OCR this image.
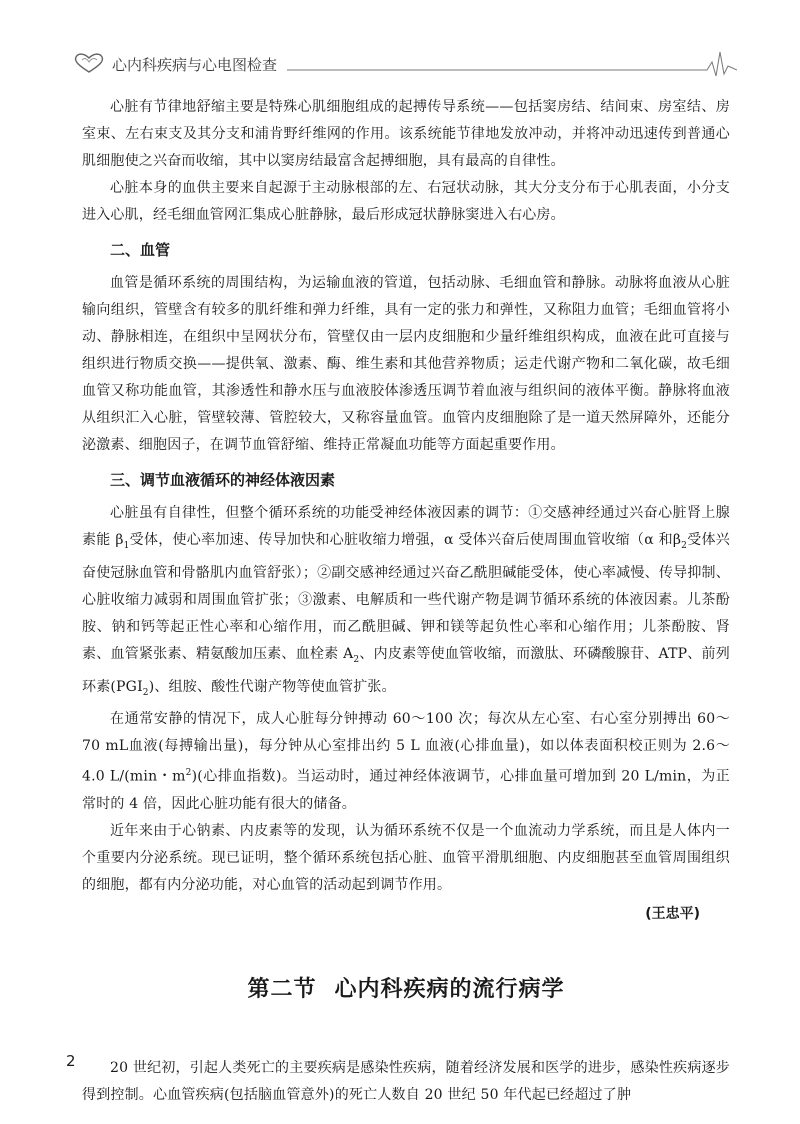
心内科疾病与心电图检查

心脏有节律地舒缩主要是特殊心肌细胞组成的起搏传导系统——包括窦房结、结间束、房室结、房室束、左右束支及其分支和浦肯野纤维网的作用。该系统能节律地发放冲动，并将冲动迅速传到普通心肌细胞使之兴奋而收缩，其中以窦房结最富含起搏细胞，具有最高的自律性。

心脏本身的血供主要来自起源于主动脉根部的左、右冠状动脉，其大分支分布于心肌表面，小分支进入心肌，经毛细血管网汇集成心脏静脉，最后形成冠状静脉窦进入右心房。

二、血管

血管是循环系统的周围结构，为运输血液的管道，包括动脉、毛细血管和静脉。动脉将血液从心脏输向组织，管壁含有较多的肌纤维和弹力纤维，具有一定的张力和弹性，又称阻力血管；毛细血管将小动、静脉相连，在组织中呈网状分布，管壁仅由一层内皮细胞和少量纤维组织构成，血液在此可直接与组织进行物质交换——提供氧、激素、酶、维生素和其他营养物质；运走代谢产物和二氧化碳，故毛细血管又称功能血管，其渗透性和静水压与血液胶体渗透压调节着血液与组织间的液体平衡。静脉将血液从组织汇入心脏，管壁较薄、管腔较大，又称容量血管。血管内皮细胞除了是一道天然屏障外，还能分泌激素、细胞因子，在调节血管舒缩、维持正常凝血功能等方面起重要作用。

三、调节血液循环的神经体液因素

心脏虽有自律性，但整个循环系统的功能受神经体液因素的调节：①交感神经通过兴奋心脏肾上腺素能 $\beta_1$受体，使心率加速、传导加快和心脏收缩力增强，α 受体兴奋后使周围血管收缩（α 和$\beta_2$受体兴奋使冠脉血管和骨骼肌内血管舒张）；②副交感神经通过兴奋乙酰胆碱能受体，使心率减慢、传导抑制、心脏收缩力减弱和周围血管扩张；③激素、电解质和一些代谢产物是调节循环系统的体液因素。儿茶酚胺、钠和钙等起正性心率和心缩作用，而乙酰胆碱、钾和镁等起负性心率和心缩作用；儿茶酚胺、肾素、血管紧张素、精氨酸加压素、血栓素 $A_2$、内皮素等使血管收缩，而激肽、环磷酸腺苷、ATP、前列环素$(PGI_2)$、组胺、酸性代谢产物等使血管扩张。

在通常安静的情况下，成人心脏每分钟搏动 60～100 次；每次从左心室、右心室分别搏出 60～70 mL血液(每搏输出量)，每分钟从心室排出约 5 L 血液(心排血量)，如以体表面积校正则为 2.6～4.0 L/(min・$m^2$)(心排血指数)。当运动时，通过神经体液调节，心排血量可增加到 20 L/min，为正常时的 4 倍，因此心脏功能有很大的储备。

近年来由于心钠素、内皮素等的发现，认为循环系统不仅是一个血流动力学系统，而且是人体内一个重要内分泌系统。现已证明，整个循环系统包括心脏、血管平滑肌细胞、内皮细胞甚至血管周围组织的细胞，都有内分泌功能，对心血管的活动起到调节作用。

(王忠平)
第二节 心内科疾病的流行病学

20 世纪初，引起人类死亡的主要疾病是感染性疾病，随着经济发展和医学的进步，感染性疾病逐步得到控制。心血管疾病(包括脑血管意外)的死亡人数自 20 世纪 50 年代起已经超过了肿

2
